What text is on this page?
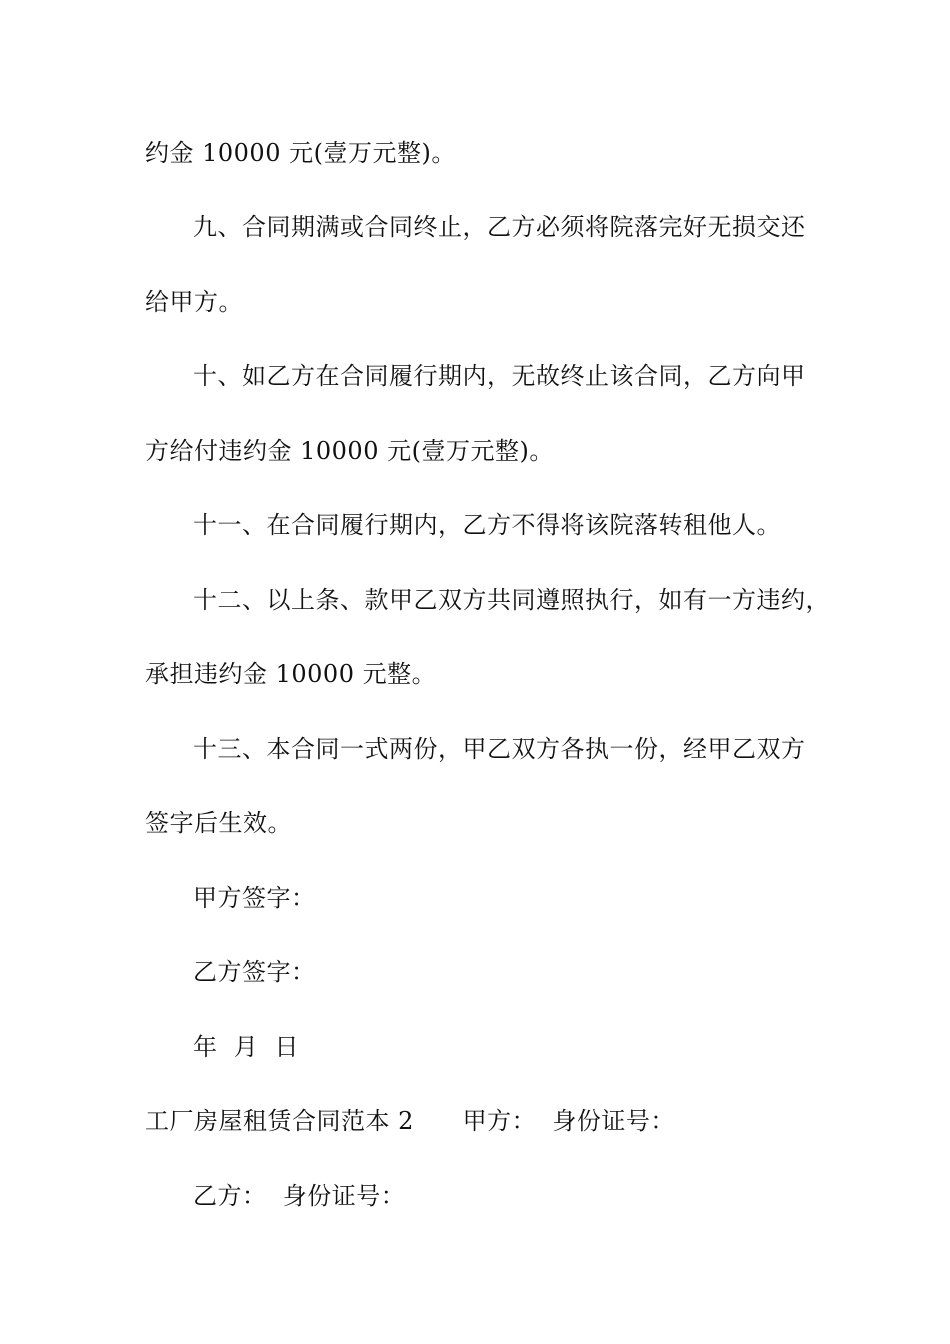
约金 10000 元(壹万元整)。
九、合同期满或合同终止，乙方必须将院落完好无损交还
给甲方。
十、如乙方在合同履行期内，无故终止该合同，乙方向甲
方给付违约金 10000 元(壹万元整)。
十一、在合同履行期内，乙方不得将该院落转租他人。
十二、以上条、款甲乙双方共同遵照执行，如有一方违约，
承担违约金 10000 元整。
十三、本合同一式两份，甲乙双方各执一份，经甲乙双方
签字后生效。
甲方签字：
乙方签字：
年  月  日
工厂房屋租赁合同范本 2      甲方：  身份证号：
乙方：  身份证号：
